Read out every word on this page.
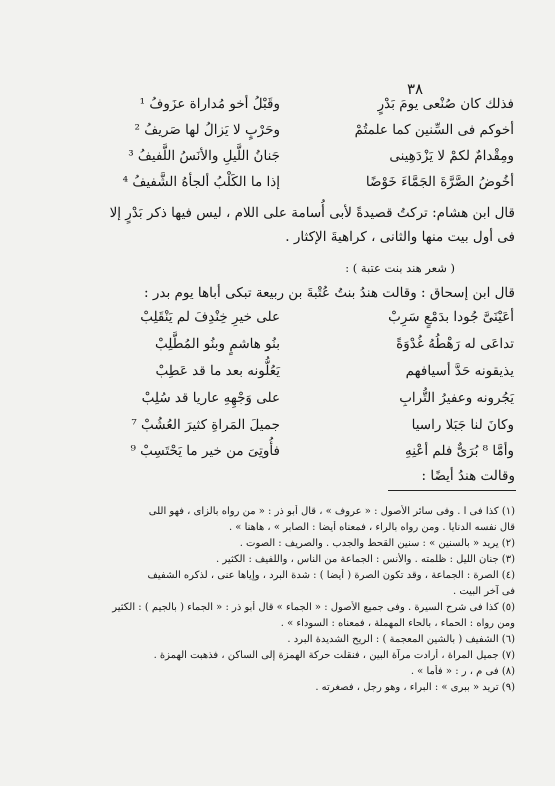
٣٨
فذلك كان صُنْعى يومَ بَدْرٍ
وقَبْلُ أخو مُداراة عزَوفُ ¹
أخوكم فى السِّنين كما علمتُمْ
وحَرْبٍ لا يَزالُ لها صَريفُ ²
ومِقْدامٌ لكمْ لا يَزْدَهِينى
جَنانُ اللَّيلِ والأنَسُ اللَّفيفُ ³
أخُوضُ الصَّرَّةَ الجَمَّاءَ خَوْضًا
إذا ما الكَلْبُ ألجأهُ الشَّفيفُ ⁴
قال ابن هشام: تركتُ قصيدةً لأبى أُسامة على اللام ، ليس فيها ذكر بَدْرٍ إلا
فى أول بيت منها والثانى ، كراهيةَ الإكثار .
( شعر هند بنت عتبة ) :
قال ابن إسحاق : وقالت هندُ بنتُ عُتْبةَ بن ربيعة تبكى أباها يوم بدر :
أعَيْنَىَّ جُودا بدَمْعٍ سَرِبْ
على خيرِ خِنْدِفَ لم يَنْقَلِبْ
تداعَى له رَهْطُهُ غُدْوَةً
بنُو هاشمٍ وبنُو المُطَّلِبْ
يذيقونه حَدَّ أسيافهم
يَعُلُّونه بعد ما قد عَطِبْ
يَجُرونه وعفيرُ التُّرابِ
على وَجْهِهِ عاريا قد سُلِبْ
وكانَ لنا جَبَلا راسيا
جميلَ المَراةِ كثيرَ العُشُبْ ⁷
وأمَّا ⁸ بُرَىٌّ فلم أعْنِهِ
فأُوتِىَ من خير ما يَحْتَسِبْ ⁹
وقالت هندُ أيضًا :
(١) كذا فى ا . وفى سائر الأصول : « عروف » ، قال أبو ذر : « من رواه بالزاى ، فهو اللى
قال نفسه الدنايا . ومن رواه بالراء ، فمعناه أيضا : الصابر » ، هاهنا » .
(٢) يريد « بالسنين » : سنين القحط والجدب . والصريف : الصوت .
(٣) جنان الليل : ظلمته . والأنس : الجماعة من الناس ، واللفيف : الكثير .
(٤) الصرة : الجماعة ، وقد تكون الصرة ( أيضا ) : شدة البرد ، وإياها عنى ، لذكره الشفيف
فى آخر البيت .
(٥) كذا فى شرح السيرة . وفى جميع الأصول : « الجماء » قال أبو ذر : « الجماء ( بالجيم ) : الكثير
ومن رواه : الحماء ، بالحاء المهملة ، فمعناه : السوداء » .
(٦) الشفيف ( بالشين المعجمة ) : الريح الشديدة البرد .
(٧) جميل المراة ، أرادت مرآة البين ، فنقلت حركة الهمزة إلى الساكن ، فذهبت الهمزة .
(٨) فى م ، ر : « فأما » .
(٩) تريد « ببرى » : البراء ، وهو رجل ، فصغرته .
